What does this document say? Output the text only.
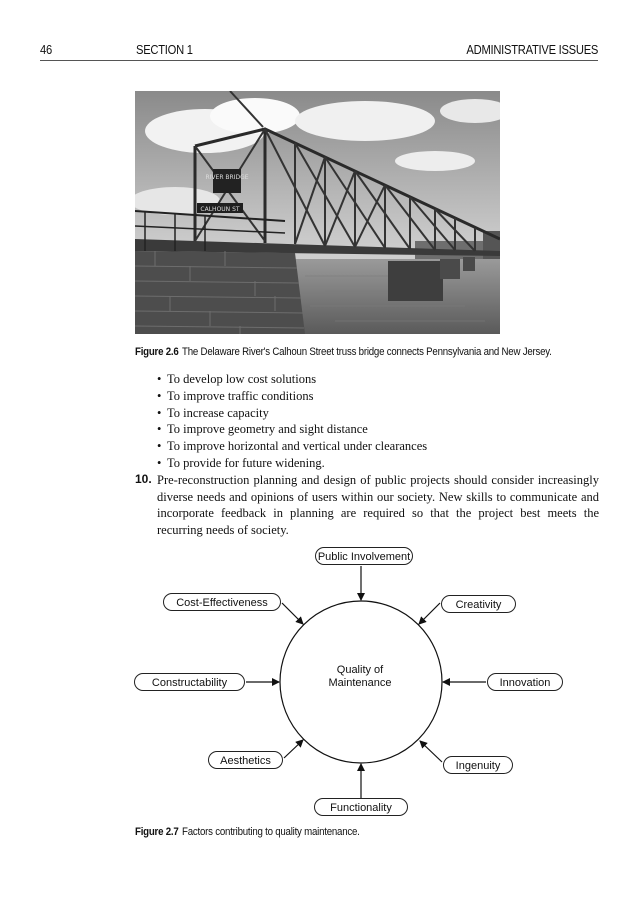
46	SECTION 1	ADMINISTRATIVE ISSUES
RIVER BRIDGE
CALHOUN ST
Figure 2.6 The Delaware River's Calhoun Street truss bridge connects Pennsylvania and New Jersey.
• To develop low cost solutions
• To improve traffic conditions
• To increase capacity
• To improve geometry and sight distance
• To improve horizontal and vertical under clearances
• To provide for future widening.
10. Pre-reconstruction planning and design of public projects should consider increasingly diverse needs and opinions of users within our society. New skills to communicate and incorporate feedback in planning are required so that the project best meets the recurring needs of society.
Quality of
Maintenance
Public Involvement
Cost-Effectiveness	Creativity
Constructability	Innovation
Aesthetics	Ingenuity
Functionality
Figure 2.7 Factors contributing to quality maintenance.
